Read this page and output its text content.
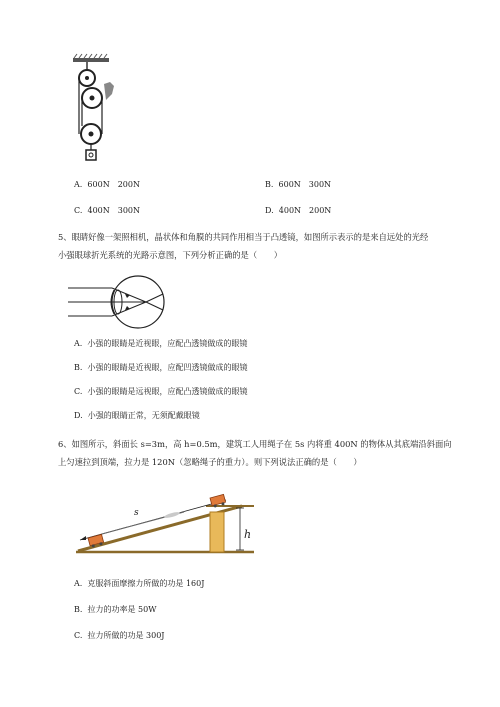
A. 600N　200N	B. 600N　300N
C. 400N　300N	D. 400N　200N
5、眼睛好像一架照相机，晶状体和角膜的共同作用相当于凸透镜，如图所示表示的是来自远处的光经
小强眼球折光系统的光路示意图，下列分析正确的是（　　）
A. 小强的眼睛是近视眼，应配凸透镜做成的眼镜
B. 小强的眼睛是近视眼，应配凹透镜做成的眼镜
C. 小强的眼睛是远视眼，应配凸透镜做成的眼镜
D. 小强的眼睛正常，无须配戴眼镜
6、如图所示，斜面长 s=3m，高 h=0.5m，建筑工人用绳子在 5s 内将重 400N 的物体从其底端沿斜面向
上匀速拉到顶端，拉力是 120N（忽略绳子的重力）。则下列说法正确的是（　　）
s
h
A. 克服斜面摩擦力所做的功是 160J
B. 拉力的功率是 50W
C. 拉力所做的功是 300J
